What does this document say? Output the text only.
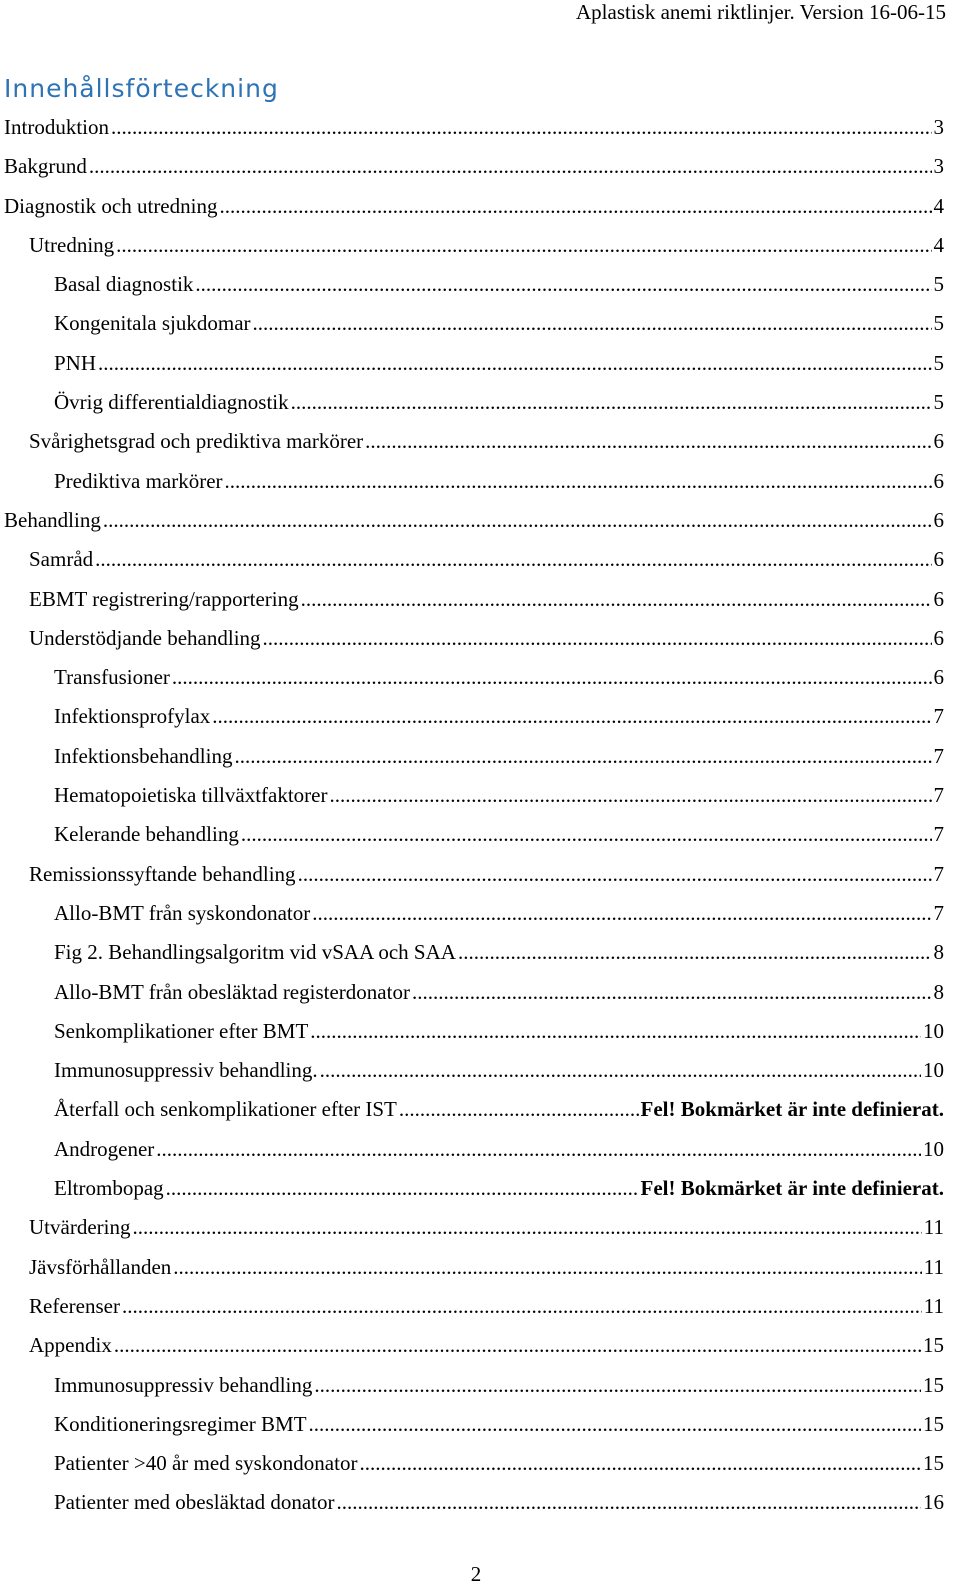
Aplastisk anemi riktlinjer. Version 16-06-15
Innehållsförteckning
Introduktion .....	3
Bakgrund .....	3
Diagnostik och utredning .....	4
Utredning .....	4
Basal diagnostik .....	5
Kongenitala sjukdomar .....	5
PNH .....	5
Övrig differentialdiagnostik .....	5
Svårighetsgrad och prediktiva markörer .....	6
Prediktiva markörer .....	6
Behandling .....	6
Samråd .....	6
EBMT registrering/rapportering .....	6
Understödjande behandling .....	6
Transfusioner .....	6
Infektionsprofylax .....	7
Infektionsbehandling .....	7
Hematopoietiska tillväxtfaktorer .....	7
Kelerande behandling .....	7
Remissionssyftande behandling .....	7
Allo-BMT från syskondonator .....	7
Fig 2. Behandlingsalgoritm vid vSAA och SAA .....	8
Allo-BMT från obesläktad registerdonator .....	8
Senkomplikationer efter BMT .....	10
Immunosuppressiv behandling. .....	10
Återfall och senkomplikationer efter IST .....	Fel! Bokmärket är inte definierat.
Androgener .....	10
Eltrombopag .....	Fel! Bokmärket är inte definierat.
Utvärdering .....	11
Jävsförhållanden .....	11
Referenser .....	11
Appendix .....	15
Immunosuppressiv behandling .....	15
Konditioneringsregimer BMT .....	15
Patienter >40 år med syskondonator .....	15
Patienter med obesläktad donator .....	16
2
